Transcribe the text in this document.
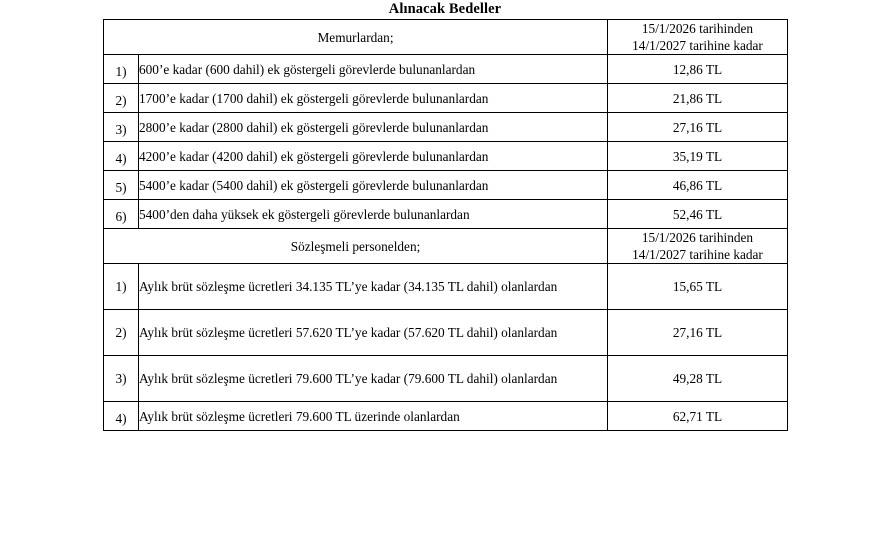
Alınacak Bedeller
Memurlardan;		15/1/2026 tarihinden
14/1/2027 tarihine kadar

1)	600’e kadar (600 dahil) ek göstergeli görevlerde bulunanlardan	12,86 TL
2)	1700’e kadar (1700 dahil) ek göstergeli görevlerde bulunanlardan	21,86 TL
3)	2800’e kadar (2800 dahil) ek göstergeli görevlerde bulunanlardan	27,16 TL
4)	4200’e kadar (4200 dahil) ek göstergeli görevlerde bulunanlardan	35,19 TL
5)	5400’e kadar (5400 dahil) ek göstergeli görevlerde bulunanlardan	46,86 TL
6)	5400’den daha yüksek ek göstergeli görevlerde bulunanlardan	52,46 TL
Sözleşmeli personelden;		15/1/2026 tarihinden
14/1/2027 tarihine kadar

1)	Aylık brüt sözleşme ücretleri 34.135 TL’ye kadar (34.135 TL dahil) olanlardan	15,65 TL
2)	Aylık brüt sözleşme ücretleri 57.620 TL’ye kadar (57.620 TL dahil) olanlardan	27,16 TL
3)	Aylık brüt sözleşme ücretleri 79.600 TL’ye kadar (79.600 TL dahil) olanlardan	49,28 TL
4)	Aylık brüt sözleşme ücretleri 79.600 TL üzerinde olanlardan	62,71 TL
